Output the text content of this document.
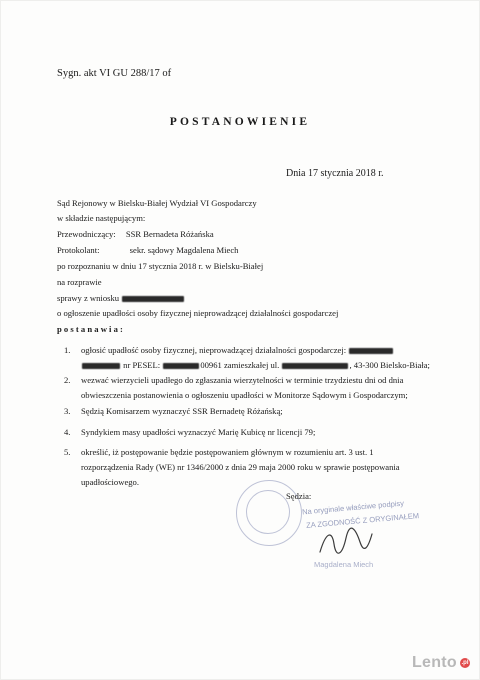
Sygn. akt VI GU 288/17 of
POSTANOWIENIE
Dnia 17 stycznia 2018 r.
Sąd Rejonowy w Bielsku-Białej Wydział VI Gospodarczy
w składzie następującym:
Przewodniczący: SSR Bernadeta Różańska
Protokolant:	sekr. sądowy Magdalena Miech
po rozpoznaniu w dniu 17 stycznia 2018 r. w Bielsku-Białej
na rozprawie
sprawy z wniosku
o ogłoszenie upadłości osoby fizycznej nieprowadzącej działalności gospodarczej
p o s t a n a w i a :
1. ogłosić upadłość osoby fizycznej, nieprowadzącej działalności gospodarczej:
nr PESEL:	00961 zamieszkałej ul.	, 43-300 Bielsko-Biała;
2. wezwać wierzycieli upadłego do zgłaszania wierzytelności w terminie trzydziestu dni od dnia
obwieszczenia postanowienia o ogłoszeniu upadłości w Monitorze Sądowym i Gospodarczym;
3. Sędzią Komisarzem wyznaczyć SSR Bernadetę Różańską;
4. Syndykiem masy upadłości wyznaczyć Marię Kubicę nr licencji 79;
5. określić, iż postępowanie będzie postępowaniem głównym w rozumieniu art. 3 ust. 1
rozporządzenia Rady (WE) nr 1346/2000 z dnia 29 maja 2000 roku w sprawie postępowania
upadłościowego.
Sędzia:
Na oryginale właściwe podpisy
ZA ZGODNOŚĆ Z ORYGINAŁEM
Magdalena Miech
Lento .pl
